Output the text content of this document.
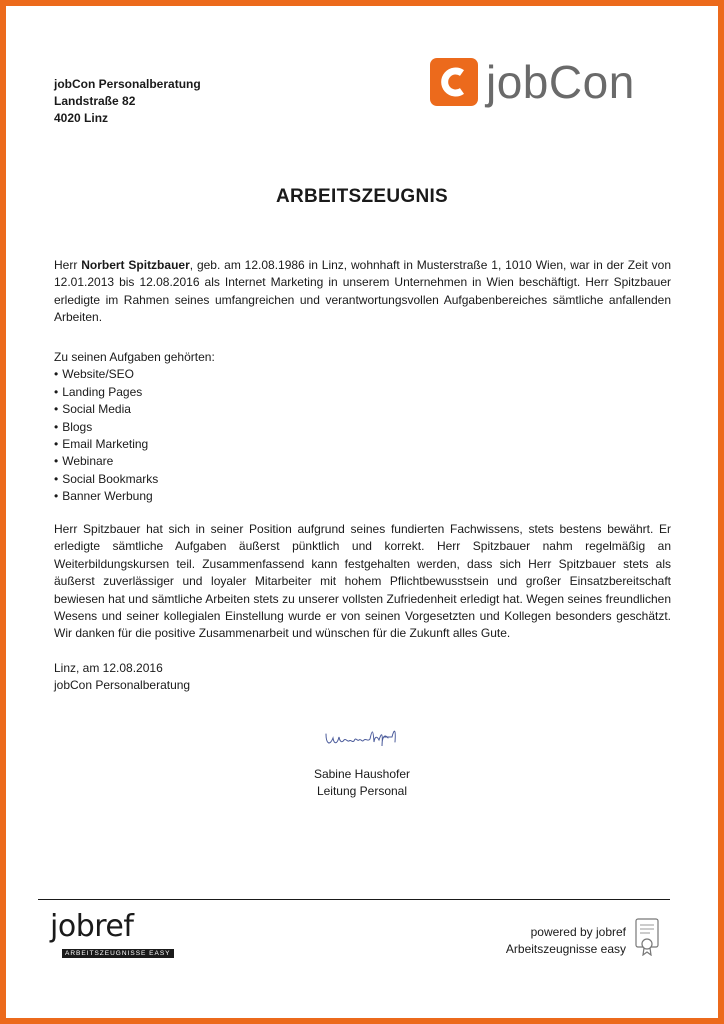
jobCon Personalberatung
Landstraße 82
4020 Linz
jobCon
ARBEITSZEUGNIS
Herr Norbert Spitzbauer, geb. am 12.08.1986 in Linz, wohnhaft in Musterstraße 1, 1010 Wien, war in der Zeit von 12.01.2013 bis 12.08.2016 als Internet Marketing in unserem Unternehmen in Wien beschäftigt. Herr Spitzbauer erledigte im Rahmen seines umfangreichen und verantwortungsvollen Aufgabenbereiches sämtliche anfallenden Arbeiten.
Zu seinen Aufgaben gehörten:
• Website/SEO
• Landing Pages
• Social Media
• Blogs
• Email Marketing
• Webinare
• Social Bookmarks
• Banner Werbung
Herr Spitzbauer hat sich in seiner Position aufgrund seines fundierten Fachwissens, stets bestens bewährt. Er erledigte sämtliche Aufgaben äußerst pünktlich und korrekt. Herr Spitzbauer nahm regelmäßig an Weiterbildungskursen teil. Zusammenfassend kann festgehalten werden, dass sich Herr Spitzbauer stets als äußerst zuverlässiger und loyaler Mitarbeiter mit hohem Pflichtbewusstsein und großer Einsatzbereitschaft bewiesen hat und sämtliche Arbeiten stets zu unserer vollsten Zufriedenheit erledigt hat. Wegen seines freundlichen Wesens und seiner kollegialen Einstellung wurde er von seinen Vorgesetzten und Kollegen besonders geschätzt. Wir danken für die positive Zusammenarbeit und wünschen für die Zukunft alles Gute.
Linz, am 12.08.2016
jobCon Personalberatung
Sabine Haushofer
Leitung Personal
jobref
ARBEITSZEUGNISSE EASY
powered by jobref
Arbeitszeugnisse easy
